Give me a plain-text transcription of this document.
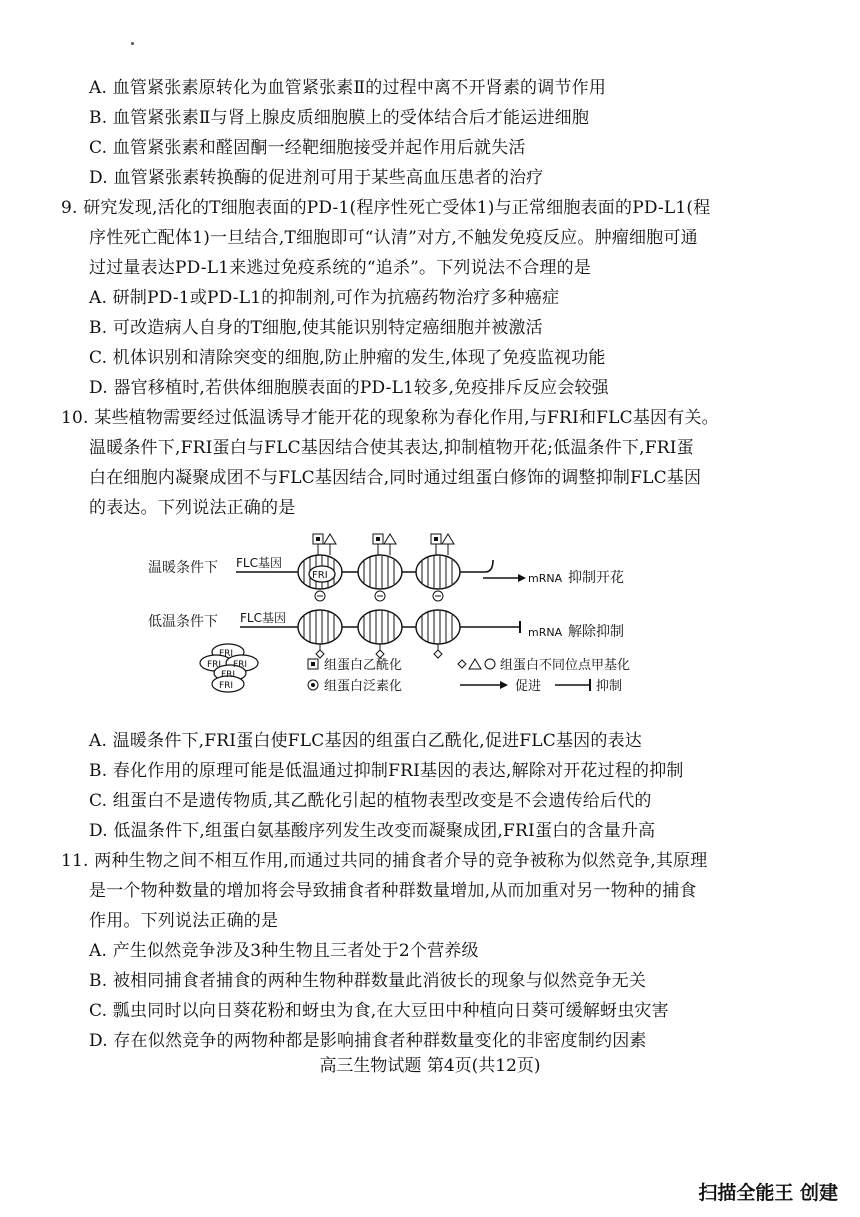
A. 血管紧张素原转化为血管紧张素Ⅱ的过程中离不开肾素的调节作用
B. 血管紧张素Ⅱ与肾上腺皮质细胞膜上的受体结合后才能运进细胞
C. 血管紧张素和醛固酮一经靶细胞接受并起作用后就失活
D. 血管紧张素转换酶的促进剂可用于某些高血压患者的治疗
9. 研究发现,活化的T细胞表面的PD-1(程序性死亡受体1)与正常细胞表面的PD-L1(程
序性死亡配体1)一旦结合,T细胞即可“认清”对方,不触发免疫反应。肿瘤细胞可通
过过量表达PD-L1来逃过免疫系统的“追杀”。下列说法不合理的是
A. 研制PD-1或PD-L1的抑制剂,可作为抗癌药物治疗多种癌症
B. 可改造病人自身的T细胞,使其能识别特定癌细胞并被激活
C. 机体识别和清除突变的细胞,防止肿瘤的发生,体现了免疫监视功能
D. 器官移植时,若供体细胞膜表面的PD-L1较多,免疫排斥反应会较强
10. 某些植物需要经过低温诱导才能开花的现象称为春化作用,与FRI和FLC基因有关。
温暖条件下,FRI蛋白与FLC基因结合使其表达,抑制植物开花;低温条件下,FRI蛋
白在细胞内凝聚成团不与FLC基因结合,同时通过组蛋白修饰的调整抑制FLC基因
的表达。下列说法正确的是
温暖条件下 FLC基因
FRI	mRNA 抑制开花
低温条件下 FLC基因
mRNA 解除抑制
FRI
FRI FRI
FRI
FRI
组蛋白乙酰化
组蛋白泛素化
组蛋白不同位点甲基化
促进	抑制
A. 温暖条件下,FRI蛋白使FLC基因的组蛋白乙酰化,促进FLC基因的表达
B. 春化作用的原理可能是低温通过抑制FRI基因的表达,解除对开花过程的抑制
C. 组蛋白不是遗传物质,其乙酰化引起的植物表型改变是不会遗传给后代的
D. 低温条件下,组蛋白氨基酸序列发生改变而凝聚成团,FRI蛋白的含量升高
11. 两种生物之间不相互作用,而通过共同的捕食者介导的竞争被称为似然竞争,其原理
是一个物种数量的增加将会导致捕食者种群数量增加,从而加重对另一物种的捕食
作用。下列说法正确的是
A. 产生似然竞争涉及3种生物且三者处于2个营养级
B. 被相同捕食者捕食的两种生物种群数量此消彼长的现象与似然竞争无关
C. 瓢虫同时以向日葵花粉和蚜虫为食,在大豆田中种植向日葵可缓解蚜虫灾害
D. 存在似然竞争的两物种都是影响捕食者种群数量变化的非密度制约因素
高三生物试题 第4页(共12页)
扫描全能王 创建
